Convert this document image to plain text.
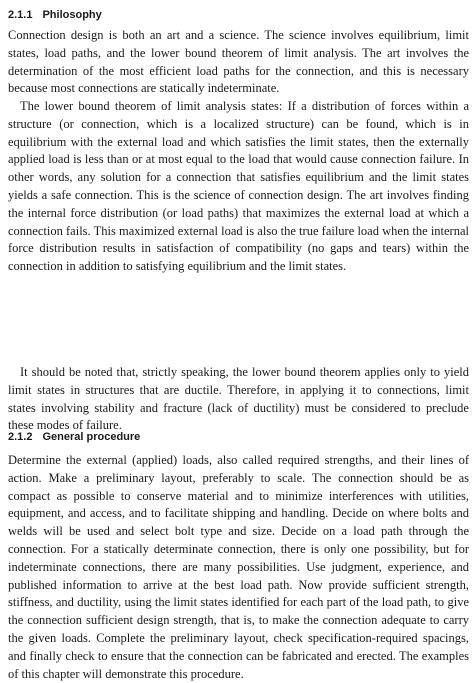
2.1.1 Philosophy

Connection design is both an art and a science. The science involves equilibrium, limit states, load paths, and the lower bound theorem of limit analysis. The art involves the determination of the most efficient load paths for the connection, and this is necessary because most connections are statically indeterminate.

The lower bound theorem of limit analysis states: If a distribution of forces within a structure (or connection, which is a localized structure) can be found, which is in equilibrium with the external load and which satisfies the limit states, then the externally applied load is less than or at most equal to the load that would cause connection failure. In other words, any solution for a connection that satisfies equilibrium and the limit states yields a safe connection. This is the science of connection design. The art involves finding the internal force distribution (or load paths) that maximizes the external load at which a connection fails. This maximized external load is also the true failure load when the internal force distribution results in satisfaction of compatibility (no gaps and tears) within the connection in addition to satisfying equilibrium and the limit states.

It should be noted that, strictly speaking, the lower bound theorem applies only to yield limit states in structures that are ductile. Therefore, in applying it to connections, limit states involving stability and fracture (lack of ductility) must be considered to preclude these modes of failure.

2.1.2 General procedure

Determine the external (applied) loads, also called required strengths, and their lines of action. Make a preliminary layout, preferably to scale. The connection should be as compact as possible to conserve material and to minimize interferences with utilities, equipment, and access, and to facilitate shipping and handling. Decide on where bolts and welds will be used and select bolt type and size. Decide on a load path through the connection. For a statically determinate connection, there is only one possibility, but for indeterminate connections, there are many possibilities. Use judgment, experience, and published information to arrive at the best load path. Now provide sufficient strength, stiffness, and ductility, using the limit states identified for each part of the load path, to give the connection sufficient design strength, that is, to make the connection adequate to carry the given loads. Complete the preliminary layout, check specification-required spacings, and finally check to ensure that the connection can be fabricated and erected. The examples of this chapter will demonstrate this procedure.
